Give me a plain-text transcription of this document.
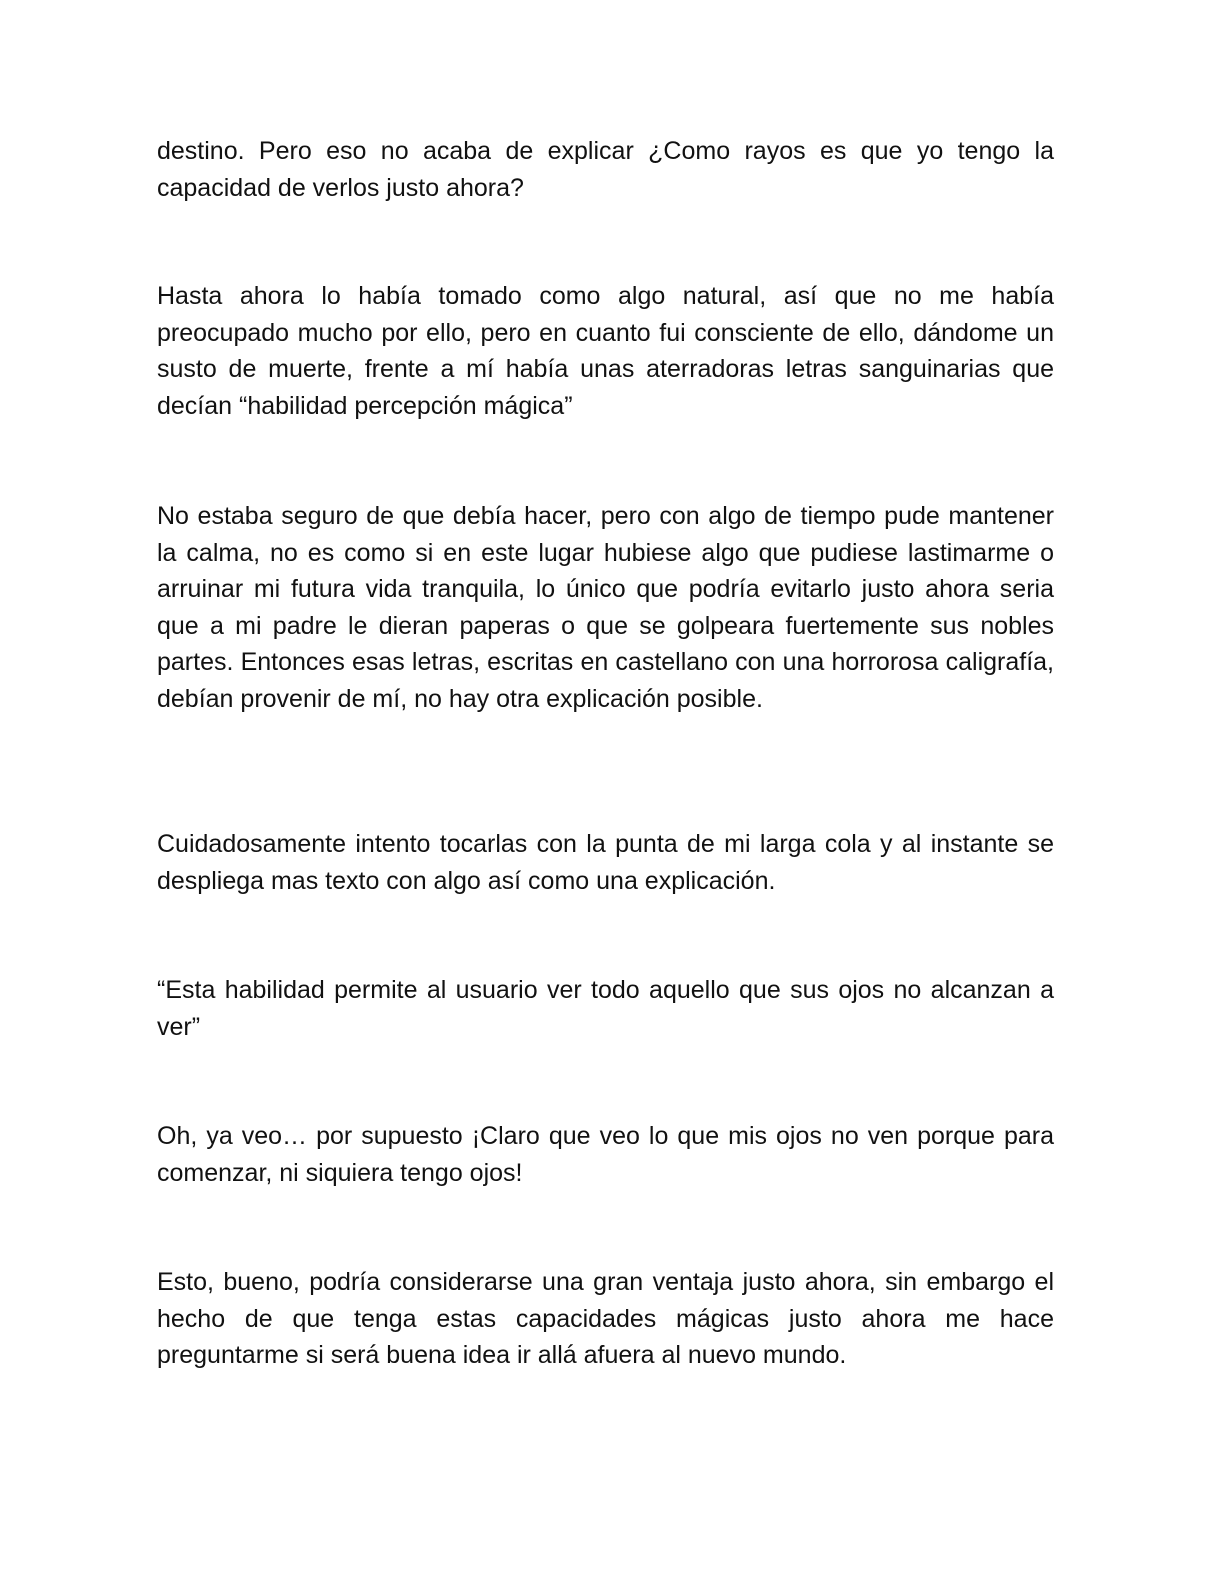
destino. Pero eso no acaba de explicar ¿Como rayos es que yo tengo la capacidad de verlos justo ahora?

Hasta ahora lo había tomado como algo natural, así que no me había preocupado mucho por ello, pero en cuanto fui consciente de ello, dándome un susto de muerte, frente a mí había unas aterradoras letras sanguinarias que decían “habilidad percepción mágica”

No estaba seguro de que debía hacer, pero con algo de tiempo pude mantener la calma, no es como si en este lugar hubiese algo que pudiese lastimarme o arruinar mi futura vida tranquila, lo único que podría evitarlo justo ahora seria que a mi padre le dieran paperas o que se golpeara fuertemente sus nobles partes. Entonces esas letras, escritas en castellano con una horrorosa caligrafía, debían provenir de mí, no hay otra explicación posible.

Cuidadosamente intento tocarlas con la punta de mi larga cola y al instante se despliega mas texto con algo así como una explicación.

“Esta habilidad permite al usuario ver todo aquello que sus ojos no alcanzan a ver”

Oh, ya veo… por supuesto ¡Claro que veo lo que mis ojos no ven porque para comenzar, ni siquiera tengo ojos!

Esto, bueno, podría considerarse una gran ventaja justo ahora, sin embargo el hecho de que tenga estas capacidades mágicas justo ahora me hace preguntarme si será buena idea ir allá afuera al nuevo mundo.
